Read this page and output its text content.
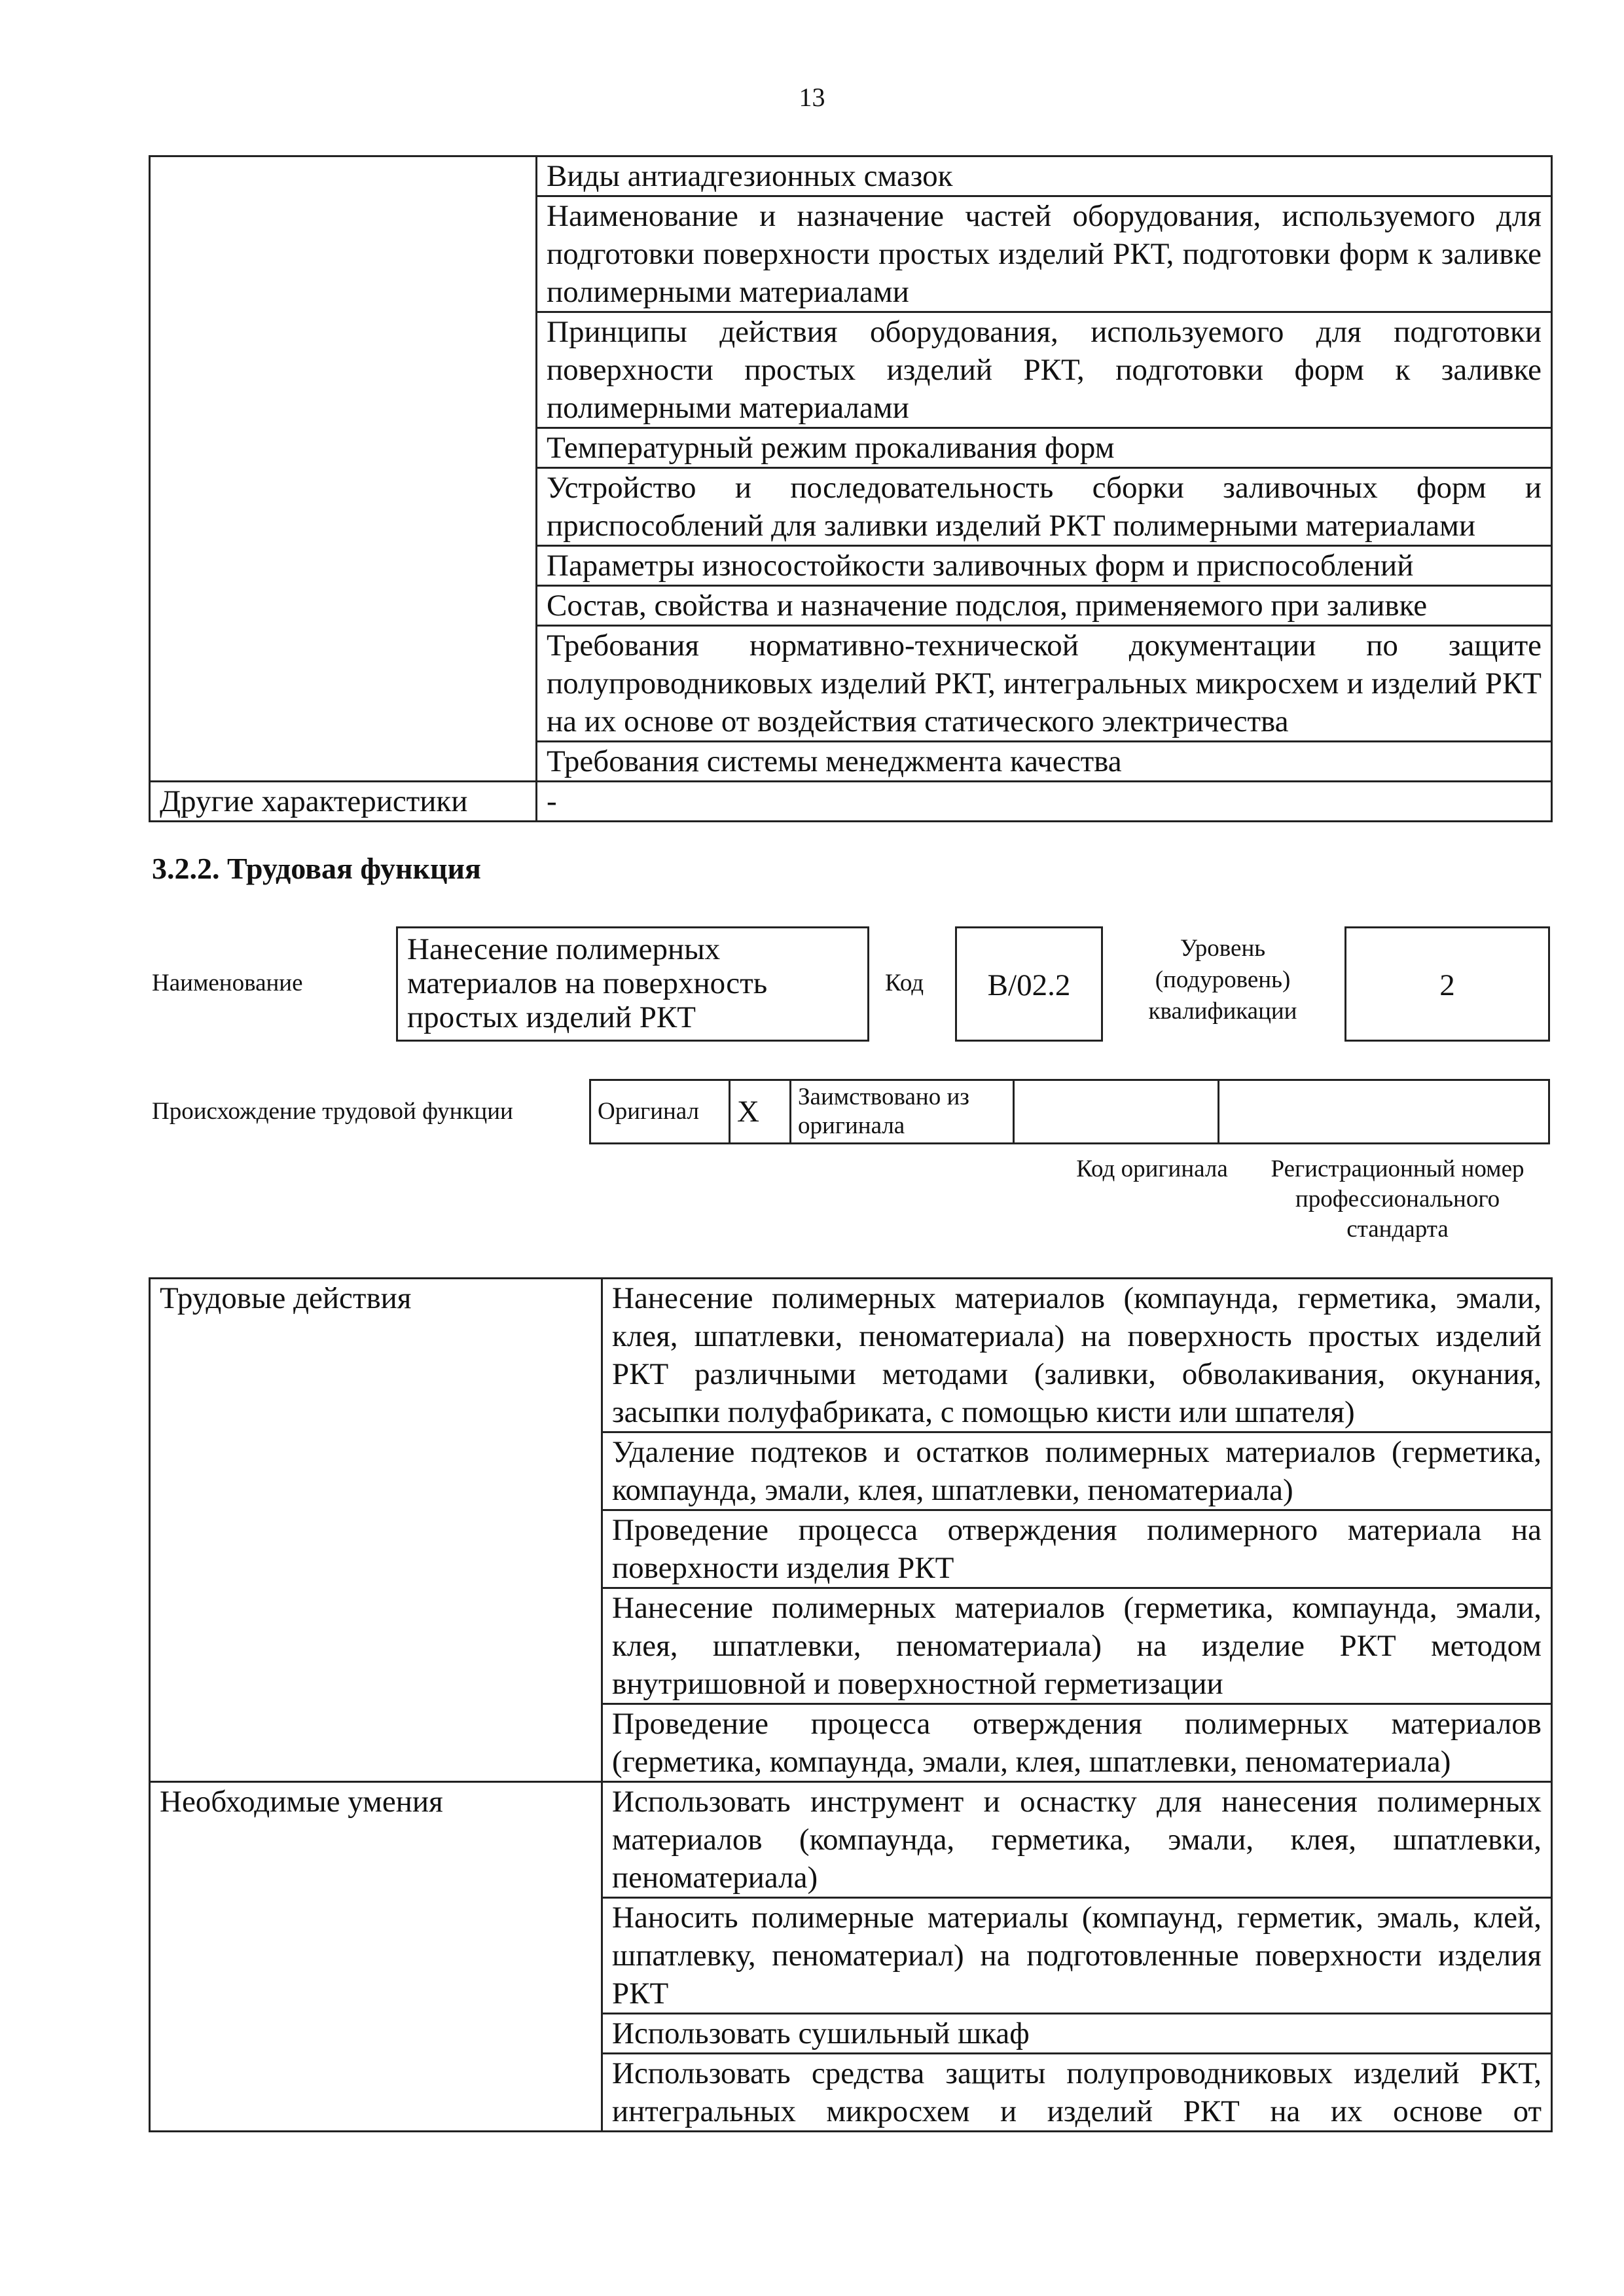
13
	Виды антиадгезионных смазок
	Наименование и назначение частей оборудования, используемого для подготовки поверхности простых изделий РКТ, подготовки форм к заливке полимерными материалами
	Принципы действия оборудования, используемого для подготовки поверхности простых изделий РКТ, подготовки форм к заливке полимерными материалами
	Температурный режим прокаливания форм
	Устройство и последовательность сборки заливочных форм и приспособлений для заливки изделий РКТ полимерными материалами
	Параметры износостойкости заливочных форм и приспособлений
	Состав, свойства и назначение подслоя, применяемого при заливке
	Требования нормативно-технической документации по защите полупроводниковых изделий РКТ, интегральных микросхем и изделий РКТ на их основе от воздействия статического электричества
	Требования системы менеджмента качества
Другие характеристики	-
3.2.2. Трудовая функция
Наименование
Нанесение полимерных материалов на поверхность простых изделий РКТ
Код	В/02.2
Уровень (подуровень) квалификации
2
Происхождение трудовой функции	Оригинал	X	Заимствовано из оригинала		
Код оригинала	Регистрационный номер профессионального стандарта
Трудовые действия	Нанесение полимерных материалов (компаунда, герметика, эмали, клея, шпатлевки, пеноматериала) на поверхность простых изделий РКТ различными методами (заливки, обволакивания, окунания, засыпки полуфабриката, с помощью кисти или шпателя)
	Удаление подтеков и остатков полимерных материалов (герметика, компаунда, эмали, клея, шпатлевки, пеноматериала)
	Проведение процесса отверждения полимерного материала на поверхности изделия РКТ
	Нанесение полимерных материалов (герметика, компаунда, эмали, клея, шпатлевки, пеноматериала) на изделие РКТ методом внутришовной и поверхностной герметизации
	Проведение процесса отверждения полимерных материалов (герметика, компаунда, эмали, клея, шпатлевки, пеноматериала)
Необходимые умения	Использовать инструмент и оснастку для нанесения полимерных материалов (компаунда, герметика, эмали, клея, шпатлевки, пеноматериала)
	Наносить полимерные материалы (компаунд, герметик, эмаль, клей, шпатлевку, пеноматериал) на подготовленные поверхности изделия РКТ
	Использовать сушильный шкаф
	Использовать средства защиты полупроводниковых изделий РКТ, интегральных микросхем и изделий РКТ на их основе от
